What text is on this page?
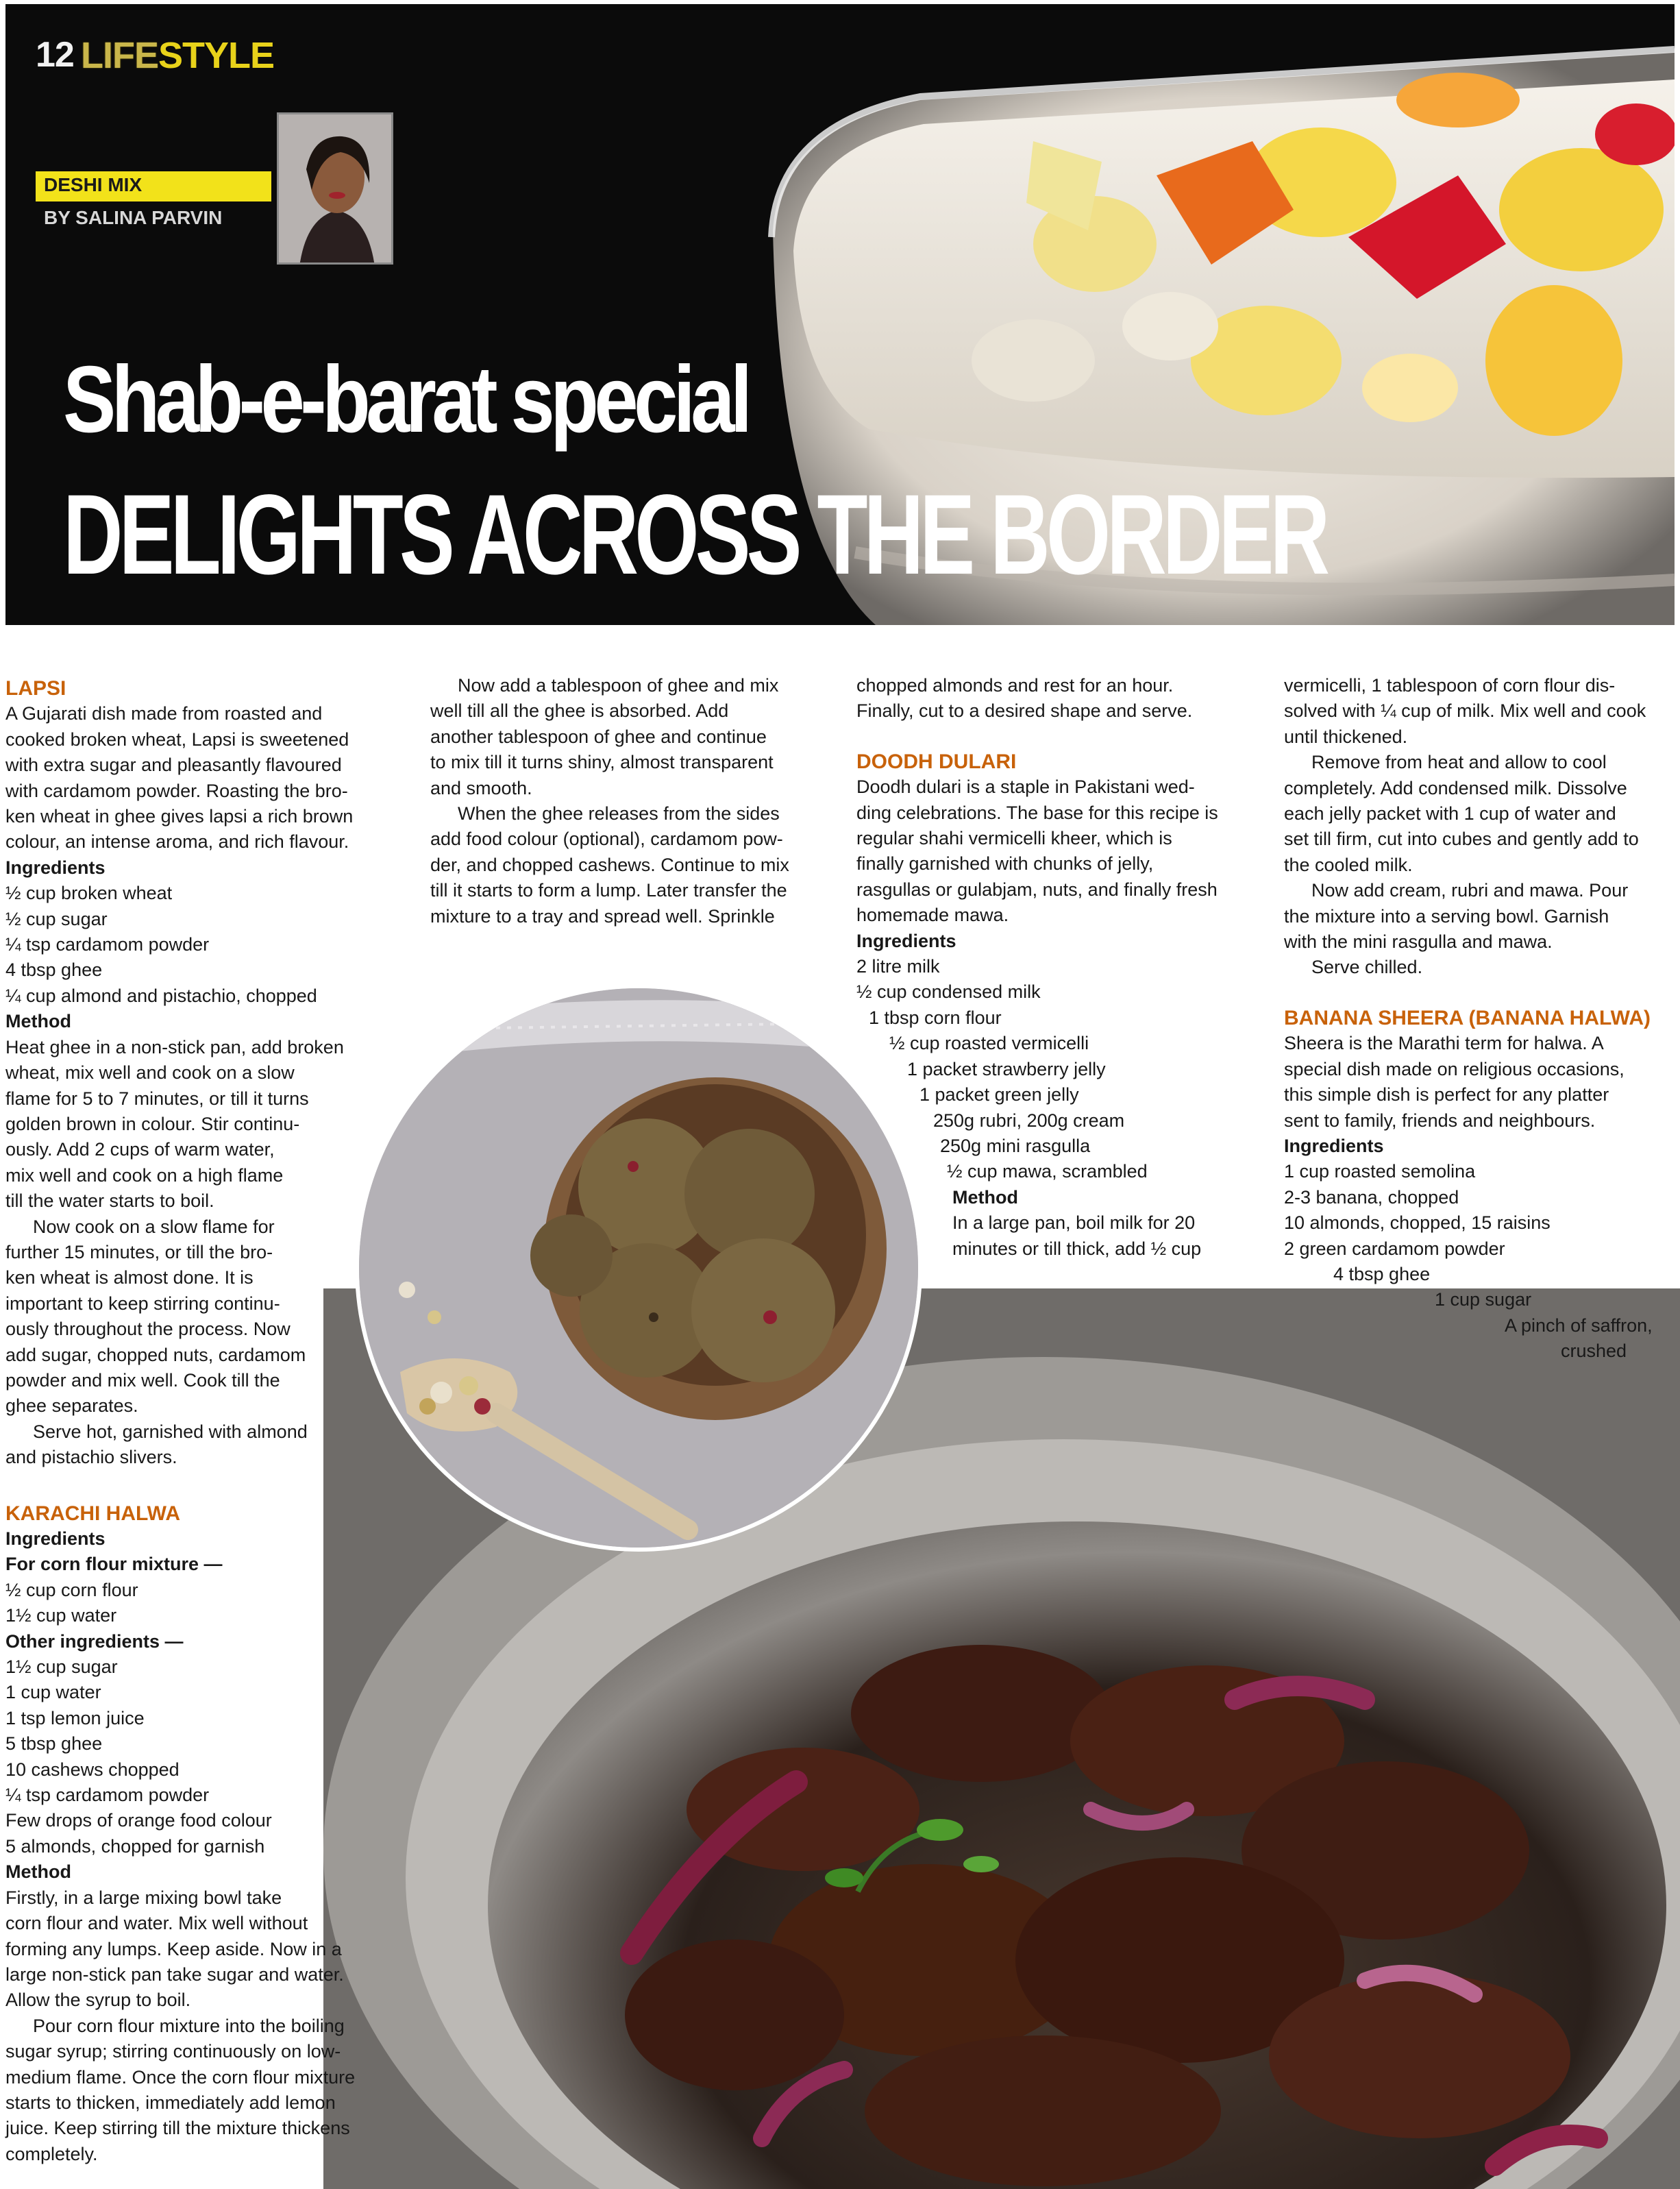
12 LIFESTYLE
DESHI MIX
BY SALINA PARVIN
Shab-e-barat special
DELIGHTS ACROSS THE BORDER

LAPSI

A Gujarati dish made from roasted and
cooked broken wheat, Lapsi is sweetened
with extra sugar and pleasantly flavoured
with cardamom powder. Roasting the bro-
ken wheat in ghee gives lapsi a rich brown
colour, an intense aroma, and rich flavour.

Ingredients

½ cup broken wheat
½ cup sugar
¼ tsp cardamom powder
4 tbsp ghee
¼ cup almond and pistachio, chopped

Method

Heat ghee in a non-stick pan, add broken
wheat, mix well and cook on a slow
flame for 5 to 7 minutes, or till it turns
golden brown in colour. Stir continu-
ously. Add 2 cups of warm water,
mix well and cook on a high flame
till the water starts to boil.
Now cook on a slow flame for
further 15 minutes, or till the bro-
ken wheat is almost done. It is
important to keep stirring continu-
ously throughout the process. Now
add sugar, chopped nuts, cardamom
powder and mix well. Cook till the
ghee separates.
Serve hot, garnished with almond
and pistachio slivers.

KARACHI HALWA

Ingredients

For corn flour mixture —

½ cup corn flour
1½ cup water

Other ingredients —

1½ cup sugar
1 cup water
1 tsp lemon juice
5 tbsp ghee
10 cashews chopped
¼ tsp cardamom powder
Few drops of orange food colour
5 almonds, chopped for garnish

Method

Firstly, in a large mixing bowl take
corn flour and water. Mix well without
forming any lumps. Keep aside. Now in a
large non-stick pan take sugar and water.
Allow the syrup to boil.
Pour corn flour mixture into the boiling
sugar syrup; stirring continuously on low-
medium flame. Once the corn flour mixture
starts to thicken, immediately add lemon
juice. Keep stirring till the mixture thickens
completely.
Now add a tablespoon of ghee and mix
well till all the ghee is absorbed. Add
another tablespoon of ghee and continue
to mix till it turns shiny, almost transparent
and smooth.
When the ghee releases from the sides
add food colour (optional), cardamom pow-
der, and chopped cashews. Continue to mix
till it starts to form a lump. Later transfer the
mixture to a tray and spread well. Sprinkle
chopped almonds and rest for an hour.
Finally, cut to a desired shape and serve.

DOODH DULARI

Doodh dulari is a staple in Pakistani wed-
ding celebrations. The base for this recipe is
regular shahi vermicelli kheer, which is
finally garnished with chunks of jelly,
rasgullas or gulabjam, nuts, and finally fresh
homemade mawa.

Ingredients

2 litre milk
½ cup condensed milk
1 tbsp corn flour
½ cup roasted vermicelli
1 packet strawberry jelly
1 packet green jelly
250g rubri, 200g cream
250g mini rasgulla
½ cup mawa, scrambled

Method

In a large pan, boil milk for 20
minutes or till thick, add ½ cup
vermicelli, 1 tablespoon of corn flour dis-
solved with ¼ cup of milk. Mix well and cook
until thickened.
Remove from heat and allow to cool
completely. Add condensed milk. Dissolve
each jelly packet with 1 cup of water and
set till firm, cut into cubes and gently add to
the cooled milk.
Now add cream, rubri and mawa. Pour
the mixture into a serving bowl. Garnish
with the mini rasgulla and mawa.
Serve chilled.

BANANA SHEERA (BANANA HALWA)

Sheera is the Marathi term for halwa. A
special dish made on religious occasions,
this simple dish is perfect for any platter
sent to family, friends and neighbours.

Ingredients

1 cup roasted semolina
2-3 banana, chopped
10 almonds, chopped, 15 raisins
2 green cardamom powder
4 tbsp ghee
1 cup sugar
A pinch of saffron,
crushed
